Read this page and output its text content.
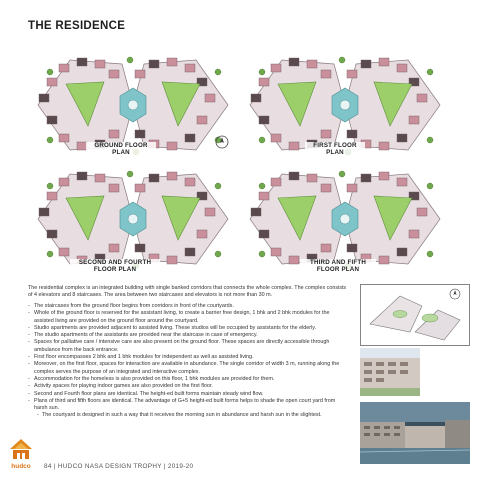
THE RESIDENCE
GROUND FLOOR
PLAN
FIRST FLOOR
PLAN
SECOND AND FOURTH
FLOOR PLAN
THIRD AND FIFTH
FLOOR PLAN

The residential complex is an integrated building with single banked corridors that connects the whole complex. The complex consists of 4 elevators and 8 staircases. The area between two staircases and elevators is not more than 30 m.

- The staircases from the ground floor begins from corridors in front of the courtyards.
- Whole of the ground floor is reserved for the assistant living, to create a barrier free design, 1 bhk and 2 bhk modules for the assisted living are provided on the ground floor around the courtyard.
- Studio apartments are provided adjacent to assisted living. These studios will be occupied by assistants for the elderly.
- The studio apartments of the assistants are provided near the staircase in case of emergency.
- Spaces for palliative care / intensive care are also present on the ground floor. These spaces are directly accessible through ambulance from the back entrance.
- First floor encompasses 2 bhk and 1 bhk modules for independent as well as assisted living.
- Moreover, on the first floor, spaces for interaction are available in abundance. The single corridor of width 3 m, running along the complex serves the purpose of an integrated and interactive complex.
- Accommodation for the homeless is also provided on this floor, 1 bhk modules are provided for them.
- Activity spaces for playing indoor games are also provided on the first floor.
- Second and Fourth floor plans are identical. The height-ed built forms maintain steady wind flow.
- Plans of third and fifth floors are identical. The advantage of G+5 height-ed built forms helps to shade the open court yard from harsh sun.
- The courtyard is designed in such a way that it receives the morning sun in abundance and harsh sun in the slightest.
hudco 84 | HUDCO NASA DESIGN TROPHY | 2019-20
